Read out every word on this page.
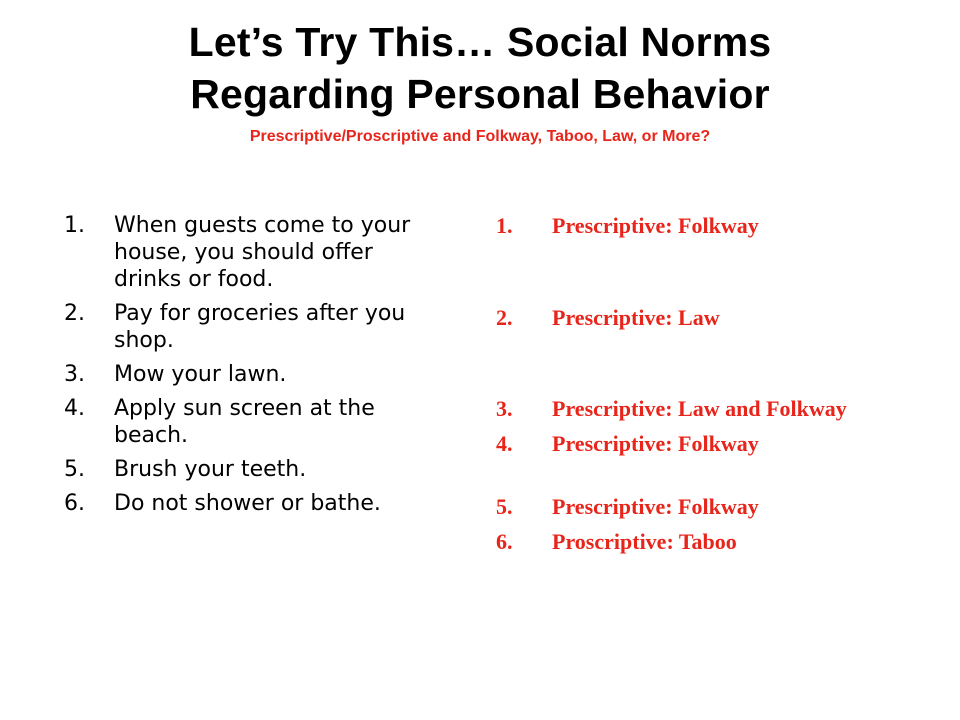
Let’s Try This… Social Norms
Regarding Personal Behavior
Prescriptive/Proscriptive and Folkway, Taboo, Law, or More?
1.	When guests come to your house, you should offer drinks or food.
2.	Pay for groceries after you shop.
3.	Mow your lawn.
4.	Apply sun screen at the beach.
5.	Brush your teeth.
6.	Do not shower or bathe.
1.	Prescriptive: Folkway
2.	Prescriptive: Law
3.	Prescriptive: Law and Folkway
4.	Prescriptive: Folkway
5.	Prescriptive: Folkway
6.	Proscriptive: Taboo
